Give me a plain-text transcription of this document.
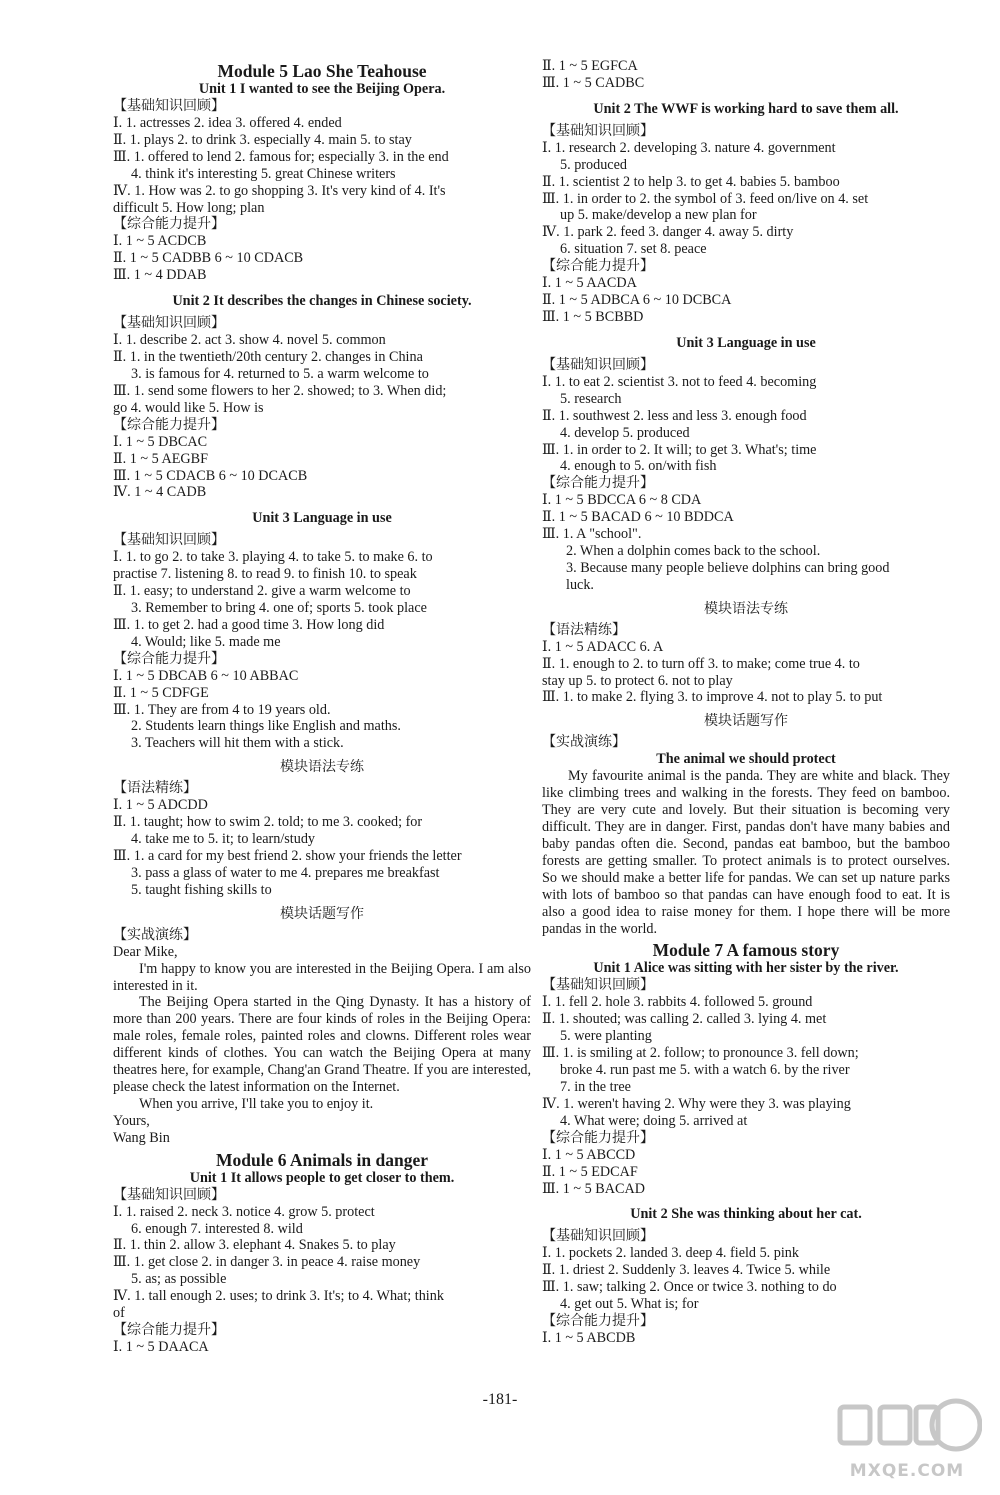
Module 5 Lao She Teahouse
Unit 1 I wanted to see the Beijing Opera.
【基础知识回顾】
Ⅰ. 1. actresses 2. idea 3. offered 4. ended
Ⅱ. 1. plays 2. to drink 3. especially 4. main 5. to stay
Ⅲ. 1. offered to lend 2. famous for; especially 3. in the end
4. think it's interesting 5. great Chinese writers
Ⅳ. 1. How was 2. to go shopping 3. It's very kind of 4. It's
difficult 5. How long; plan
【综合能力提升】
Ⅰ. 1 ~ 5 ACDCB
Ⅱ. 1 ~ 5 CADBB 6 ~ 10 CDACB
Ⅲ. 1 ~ 4 DDAB
Unit 2 It describes the changes in Chinese society.
【基础知识回顾】
Ⅰ. 1. describe 2. act 3. show 4. novel 5. common
Ⅱ. 1. in the twentieth/20th century 2. changes in China
3. is famous for 4. returned to 5. a warm welcome to
Ⅲ. 1. send some flowers to her 2. showed; to 3. When did;
go 4. would like 5. How is
【综合能力提升】
Ⅰ. 1 ~ 5 DBCAC
Ⅱ. 1 ~ 5 AEGBF
Ⅲ. 1 ~ 5 CDACB 6 ~ 10 DCACB
Ⅳ. 1 ~ 4 CADB
Unit 3 Language in use
【基础知识回顾】
Ⅰ. 1. to go 2. to take 3. playing 4. to take 5. to make 6. to
practise 7. listening 8. to read 9. to finish 10. to speak
Ⅱ. 1. easy; to understand 2. give a warm welcome to
3. Remember to bring 4. one of; sports 5. took place
Ⅲ. 1. to get 2. had a good time 3. How long did
4. Would; like 5. made me
【综合能力提升】
Ⅰ. 1 ~ 5 DBCAB 6 ~ 10 ABBAC
Ⅱ. 1 ~ 5 CDFGE
Ⅲ. 1. They are from 4 to 19 years old.
2. Students learn things like English and maths.
3. Teachers will hit them with a stick.
模块语法专练
【语法精练】
Ⅰ. 1 ~ 5 ADCDD
Ⅱ. 1. taught; how to swim 2. told; to me 3. cooked; for
4. take me to 5. it; to learn/study
Ⅲ. 1. a card for my best friend 2. show your friends the letter
3. pass a glass of water to me 4. prepares me breakfast
5. taught fishing skills to
模块话题写作
【实战演练】
Dear Mike,
I'm happy to know you are interested in the Beijing Opera. I am also interested in it.
The Beijing Opera started in the Qing Dynasty. It has a history of more than 200 years. There are four kinds of roles in the Beijing Opera: male roles, female roles, painted roles and clowns. Different roles wear different kinds of clothes. You can watch the Beijing Opera at many theatres here, for example, Chang'an Grand Theatre. If you are interested, please check the latest information on the Internet.
When you arrive, I'll take you to enjoy it.
Yours,
Wang Bin
Module 6 Animals in danger
Unit 1 It allows people to get closer to them.
【基础知识回顾】
Ⅰ. 1. raised 2. neck 3. notice 4. grow 5. protect
6. enough 7. interested 8. wild
Ⅱ. 1. thin 2. allow 3. elephant 4. Snakes 5. to play
Ⅲ. 1. get close 2. in danger 3. in peace 4. raise money
5. as; as possible
Ⅳ. 1. tall enough 2. uses; to drink 3. It's; to 4. What; think
of
【综合能力提升】
Ⅰ. 1 ~ 5 DAACA
Ⅱ. 1 ~ 5 EGFCA
Ⅲ. 1 ~ 5 CADBC
Unit 2 The WWF is working hard to save them all.
【基础知识回顾】
Ⅰ. 1. research 2. developing 3. nature 4. government
5. produced
Ⅱ. 1. scientist 2 to help 3. to get 4. babies 5. bamboo
Ⅲ. 1. in order to 2. the symbol of 3. feed on/live on 4. set
up 5. make/develop a new plan for
Ⅳ. 1. park 2. feed 3. danger 4. away 5. dirty
6. situation 7. set 8. peace
【综合能力提升】
Ⅰ. 1 ~ 5 AACDA
Ⅱ. 1 ~ 5 ADBCA 6 ~ 10 DCBCA
Ⅲ. 1 ~ 5 BCBBD
Unit 3 Language in use
【基础知识回顾】
Ⅰ. 1. to eat 2. scientist 3. not to feed 4. becoming
5. research
Ⅱ. 1. southwest 2. less and less 3. enough food
4. develop 5. produced
Ⅲ. 1. in order to 2. It will; to get 3. What's; time
4. enough to 5. on/with fish
【综合能力提升】
Ⅰ. 1 ~ 5 BDCCA 6 ~ 8 CDA
Ⅱ. 1 ~ 5 BACAD 6 ~ 10 BDDCA
Ⅲ. 1. A "school".
2. When a dolphin comes back to the school.
3. Because many people believe dolphins can bring good
luck.
模块语法专练
【语法精练】
Ⅰ. 1 ~ 5 ADACC 6. A
Ⅱ. 1. enough to 2. to turn off 3. to make; come true 4. to
stay up 5. to protect 6. not to play
Ⅲ. 1. to make 2. flying 3. to improve 4. not to play 5. to put
模块话题写作
【实战演练】
The animal we should protect
My favourite animal is the panda. They are white and black. They like climbing trees and walking in the forests. They feed on bamboo. They are very cute and lovely. But their situation is becoming very difficult. They are in danger. First, pandas don't have many babies and baby pandas often die. Second, pandas eat bamboo, but the bamboo forests are getting smaller. To protect animals is to protect ourselves. So we should make a better life for pandas. We can set up nature parks with lots of bamboo so that pandas can have enough food to eat. It is also a good idea to raise money for them. I hope there will be more pandas in the world.
Module 7 A famous story
Unit 1 Alice was sitting with her sister by the river.
【基础知识回顾】
Ⅰ. 1. fell 2. hole 3. rabbits 4. followed 5. ground
Ⅱ. 1. shouted; was calling 2. called 3. lying 4. met
5. were planting
Ⅲ. 1. is smiling at 2. follow; to pronounce 3. fell down;
broke 4. run past me 5. with a watch 6. by the river
7. in the tree
Ⅳ. 1. weren't having 2. Why were they 3. was playing
4. What were; doing 5. arrived at
【综合能力提升】
Ⅰ. 1 ~ 5 ABCCD
Ⅱ. 1 ~ 5 EDCAF
Ⅲ. 1 ~ 5 BACAD
Unit 2 She was thinking about her cat.
【基础知识回顾】
Ⅰ. 1. pockets 2. landed 3. deep 4. field 5. pink
Ⅱ. 1. driest 2. Suddenly 3. leaves 4. Twice 5. while
Ⅲ. 1. saw; talking 2. Once or twice 3. nothing to do
4. get out 5. What is; for
【综合能力提升】
Ⅰ. 1 ~ 5 ABCDB
-181-
MXQE.COM
